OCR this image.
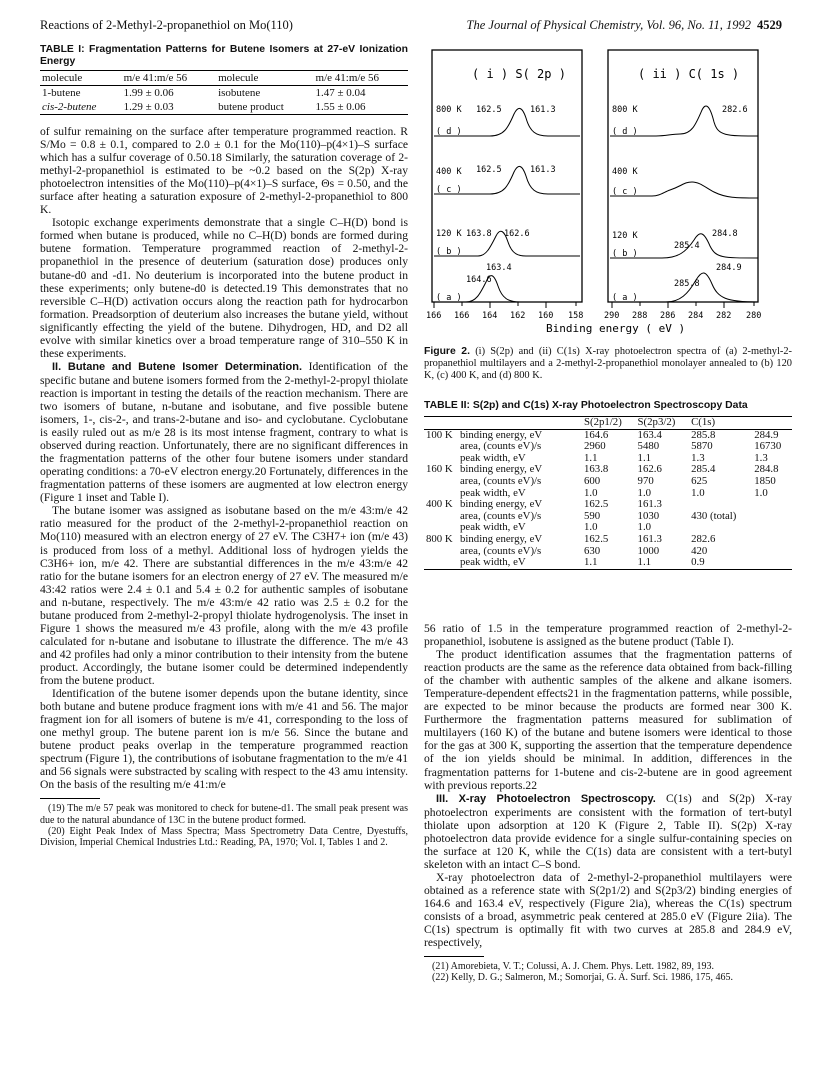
Reactions of 2-Methyl-2-propanethiol on Mo(110)	The Journal of Physical Chemistry, Vol. 96, No. 11, 1992 4529

TABLE I: Fragmentation Patterns for Butene Isomers at 27-eV Ionization Energy

molecule	m/e 41:m/e 56	molecule	m/e 41:m/e 56
1-butene	1.99 ± 0.06	isobutene	1.47 ± 0.04
cis-2-butene	1.29 ± 0.03	butene product	1.55 ± 0.06

of sulfur remaining on the surface after temperature programmed reaction. R S/Mo = 0.8 ± 0.1, compared to 2.0 ± 0.1 for the Mo(110)–p(4×1)–S surface which has a sulfur coverage of 0.50.18 Similarly, the saturation coverage of 2-methyl-2-propanethiol is estimated to be ~0.2 based on the S(2p) X-ray photoelectron intensities of the Mo(110)–p(4×1)–S surface, Θs = 0.50, and the surface after heating a saturation exposure of 2-methyl-2-propanethiol to 800 K.

Isotopic exchange experiments demonstrate that a single C–H(D) bond is formed when butane is produced, while no C–H(D) bonds are formed during butene formation. Temperature programmed reaction of 2-methyl-2-propanethiol in the presence of deuterium (saturation dose) produces only butane-d0 and -d1. No deuterium is incorporated into the butene product in these experiments; only butene-d0 is detected.19 This demonstrates that no reversible C–H(D) activation occurs along the reaction path for hydrocarbon formation. Preadsorption of deuterium also increases the butane yield, without significantly effecting the yield of the butene. Dihydrogen, HD, and D2 all evolve with similar kinetics over a broad temperature range of 310–550 K in these experiments.

II. Butane and Butene Isomer Determination. Identification of the specific butane and butene isomers formed from the 2-methyl-2-propyl thiolate reaction is important in testing the details of the reaction mechanism. There are two isomers of butane, n-butane and isobutane, and five possible butene isomers, 1-, cis-2-, and trans-2-butane and iso- and cyclobutane. Cyclobutane is easily ruled out as m/e 28 is its most intense fragment, contrary to what is observed during reaction. Unfortunately, there are no significant differences in the fragmentation patterns of the other four butene isomers under standard operating conditions: a 70-eV electron energy.20 Fortunately, differences in the fragmentation patterns of these isomers are augmented at low electron energy (Figure 1 inset and Table I).

The butane isomer was assigned as isobutane based on the m/e 43:m/e 42 ratio measured for the product of the 2-methyl-2-propanethiol reaction on Mo(110) measured with an electron energy of 27 eV. The C3H7+ ion (m/e 43) is produced from loss of a methyl. Additional loss of hydrogen yields the C3H6+ ion, m/e 42. There are substantial differences in the m/e 43:m/e 42 ratio for the butane isomers for an electron energy of 27 eV. The measured m/e 43:42 ratios were 2.4 ± 0.1 and 5.4 ± 0.2 for authentic samples of isobutane and n-butane, respectively. The m/e 43:m/e 42 ratio was 2.5 ± 0.2 for the butane produced from 2-methyl-2-propyl thiolate hydrogenolysis. The inset in Figure 1 shows the measured m/e 43 profile, along with the m/e 43 profile calculated for n-butane and isobutane to illustrate the difference. The m/e 43 and 42 profiles had only a minor contribution to their intensity from the butene product. Accordingly, the butane isomer could be determined independently from the butene product.

Identification of the butene isomer depends upon the butane identity, since both butane and butene produce fragment ions with m/e 41 and 56. The major fragment ion for all isomers of butene is m/e 41, corresponding to the loss of one methyl group. The butene parent ion is m/e 56. Since the butane and butene product peaks overlap in the temperature programmed reaction spectrum (Figure 1), the contributions of isobutane fragmentation to the m/e 41 and 56 signals were substracted by scaling with respect to the 43 amu intensity. On the basis of the resulting m/e 41:m/e

(19) The m/e 57 peak was monitored to check for butene-d1. The small peak present was due to the natural abundance of 13C in the butene product formed.

(20) Eight Peak Index of Mass Spectra; Mass Spectrometry Data Centre, Dyestuffs, Division, Imperial Chemical Industries Ltd.: Reading, PA, 1970; Vol. I, Tables 1 and 2.

( i ) S( 2p )	( ii ) C( 1s )
800 K
( d )
162.5	161.3	800 K
( d )
282.6
400 K
( c )
162.5	161.3	400 K
( c )
120 K
( b )
163.8 162.6	120 K
( b )
284.8
285.4
( a )
163.4
164.6
( a )
284.9
285.8
166 166 164 162 160 158 290 288 286 284 282 280
Binding energy ( eV )
Figure 2. (i) S(2p) and (ii) C(1s) X-ray photoelectron spectra of (a) 2-methyl-2-propanethiol multilayers and a 2-methyl-2-propanethiol monolayer annealed to (b) 120 K, (c) 400 K, and (d) 800 K.

TABLE II: S(2p) and C(1s) X-ray Photoelectron Spectroscopy Data

		S(2p1/2)	S(2p3/2)	C(1s)	
100 K	binding energy, eV	164.6	163.4	285.8	284.9
	area, (counts eV)/s	2960	5480	5870	16730
	peak width, eV	1.1	1.1	1.3	1.3
160 K	binding energy, eV	163.8	162.6	285.4	284.8
	area, (counts eV)/s	600	970	625	1850
	peak width, eV	1.0	1.0	1.0	1.0
400 K	binding energy, eV	162.5	161.3		
	area, (counts eV)/s	590	1030	430 (total)	
	peak width, eV	1.0	1.0		
800 K	binding energy, eV	162.5	161.3	282.6	
	area, (counts eV)/s	630	1000	420	
	peak width, eV	1.1	1.1	0.9	

56 ratio of 1.5 in the temperature programmed reaction of 2-methyl-2-propanethiol, isobutene is assigned as the butene product (Table I).

The product identification assumes that the fragmentation patterns of reaction products are the same as the reference data obtained from back-filling of the chamber with authentic samples of the alkene and alkane isomers. Temperature-dependent effects21 in the fragmentation patterns, while possible, are expected to be minor because the products are formed near 300 K. Furthermore the fragmentation patterns measured for sublimation of multilayers (160 K) of the butane and butene isomers were identical to those for the gas at 300 K, supporting the assertion that the temperature dependence of the ion yields should be minimal. In addition, differences in the fragmentation patterns for 1-butene and cis-2-butene are in good agreement with previous reports.22

III. X-ray Photoelectron Spectroscopy. C(1s) and S(2p) X-ray photoelectron experiments are consistent with the formation of tert-butyl thiolate upon adsorption at 120 K (Figure 2, Table II). S(2p) X-ray photoelectron data provide evidence for a single sulfur-containing species on the surface at 120 K, while the C(1s) data are consistent with a tert-butyl skeleton with an intact C–S bond.

X-ray photoelectron data of 2-methyl-2-propanethiol multilayers were obtained as a reference state with S(2p1/2) and S(2p3/2) binding energies of 164.6 and 163.4 eV, respectively (Figure 2ia), whereas the C(1s) spectrum consists of a broad, asymmetric peak centered at 285.0 eV (Figure 2iia). The C(1s) spectrum is optimally fit with two curves at 285.8 and 284.9 eV, respectively,

(21) Amorebieta, V. T.; Colussi, A. J. Chem. Phys. Lett. 1982, 89, 193.

(22) Kelly, D. G.; Salmeron, M.; Somorjai, G. A. Surf. Sci. 1986, 175, 465.
